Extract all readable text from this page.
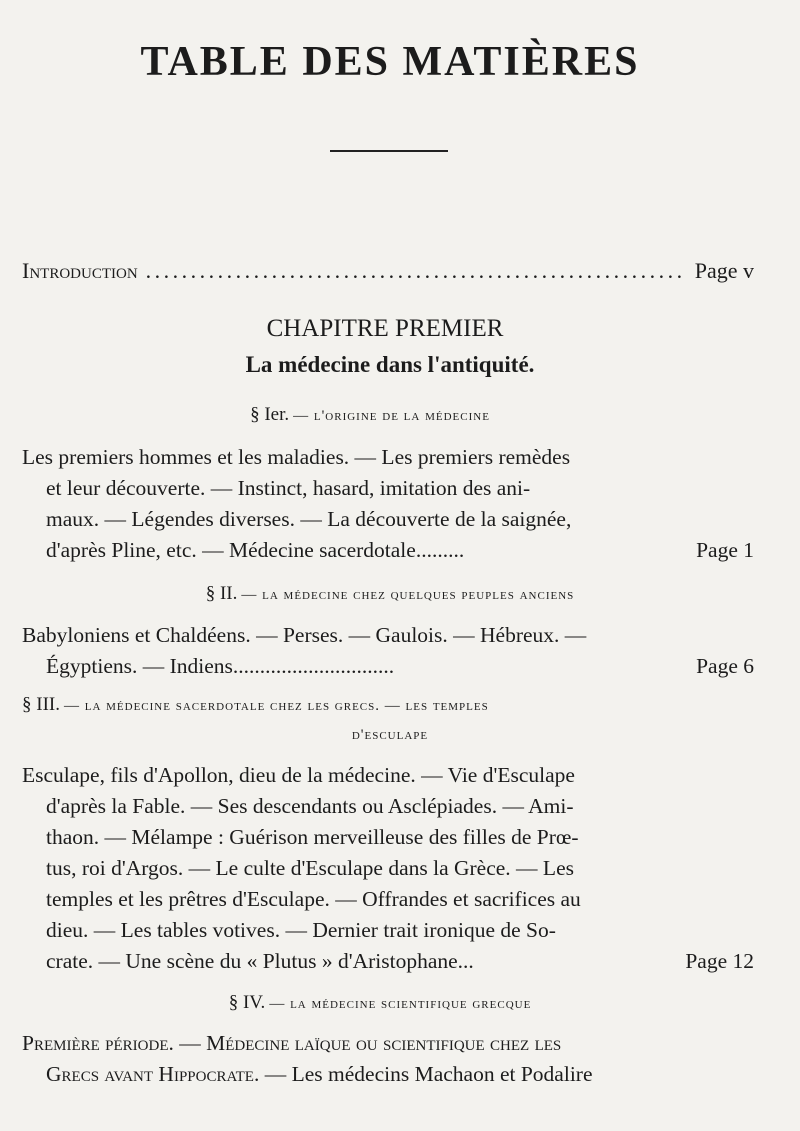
TABLE DES MATIÈRES
Introduction
. . .	Page v
CHAPITRE PREMIER
La médecine dans l'antiquité.
§ Ier. — l'origine de la médecine
Les premiers hommes et les maladies. — Les premiers remèdes
et leur découverte. — Instinct, hasard, imitation des ani-
maux. — Légendes diverses. — La découverte de la saignée,
d'après Pline, etc. — Médecine sacerdotale.........	Page 1
§ II. — la médecine chez quelques peuples anciens
Babyloniens et Chaldéens. — Perses. — Gaulois. — Hébreux. —
Égyptiens. — Indiens..............................	Page 6
§ III. — la médecine sacerdotale chez les grecs. — les temples
d'esculape
Esculape, fils d'Apollon, dieu de la médecine. — Vie d'Esculape
d'après la Fable. — Ses descendants ou Asclépiades. — Ami-
thaon. — Mélampe : Guérison merveilleuse des filles de Prœ-
tus, roi d'Argos. — Le culte d'Esculape dans la Grèce. — Les
temples et les prêtres d'Esculape. — Offrandes et sacrifices au
dieu. — Les tables votives. — Dernier trait ironique de So-
crate. — Une scène du « Plutus » d'Aristophane...	Page 12
§ IV. — la médecine scientifique grecque
Première période. — Médecine laïque ou scientifique chez les
Grecs avant Hippocrate. — Les médecins Machaon et Podalire
